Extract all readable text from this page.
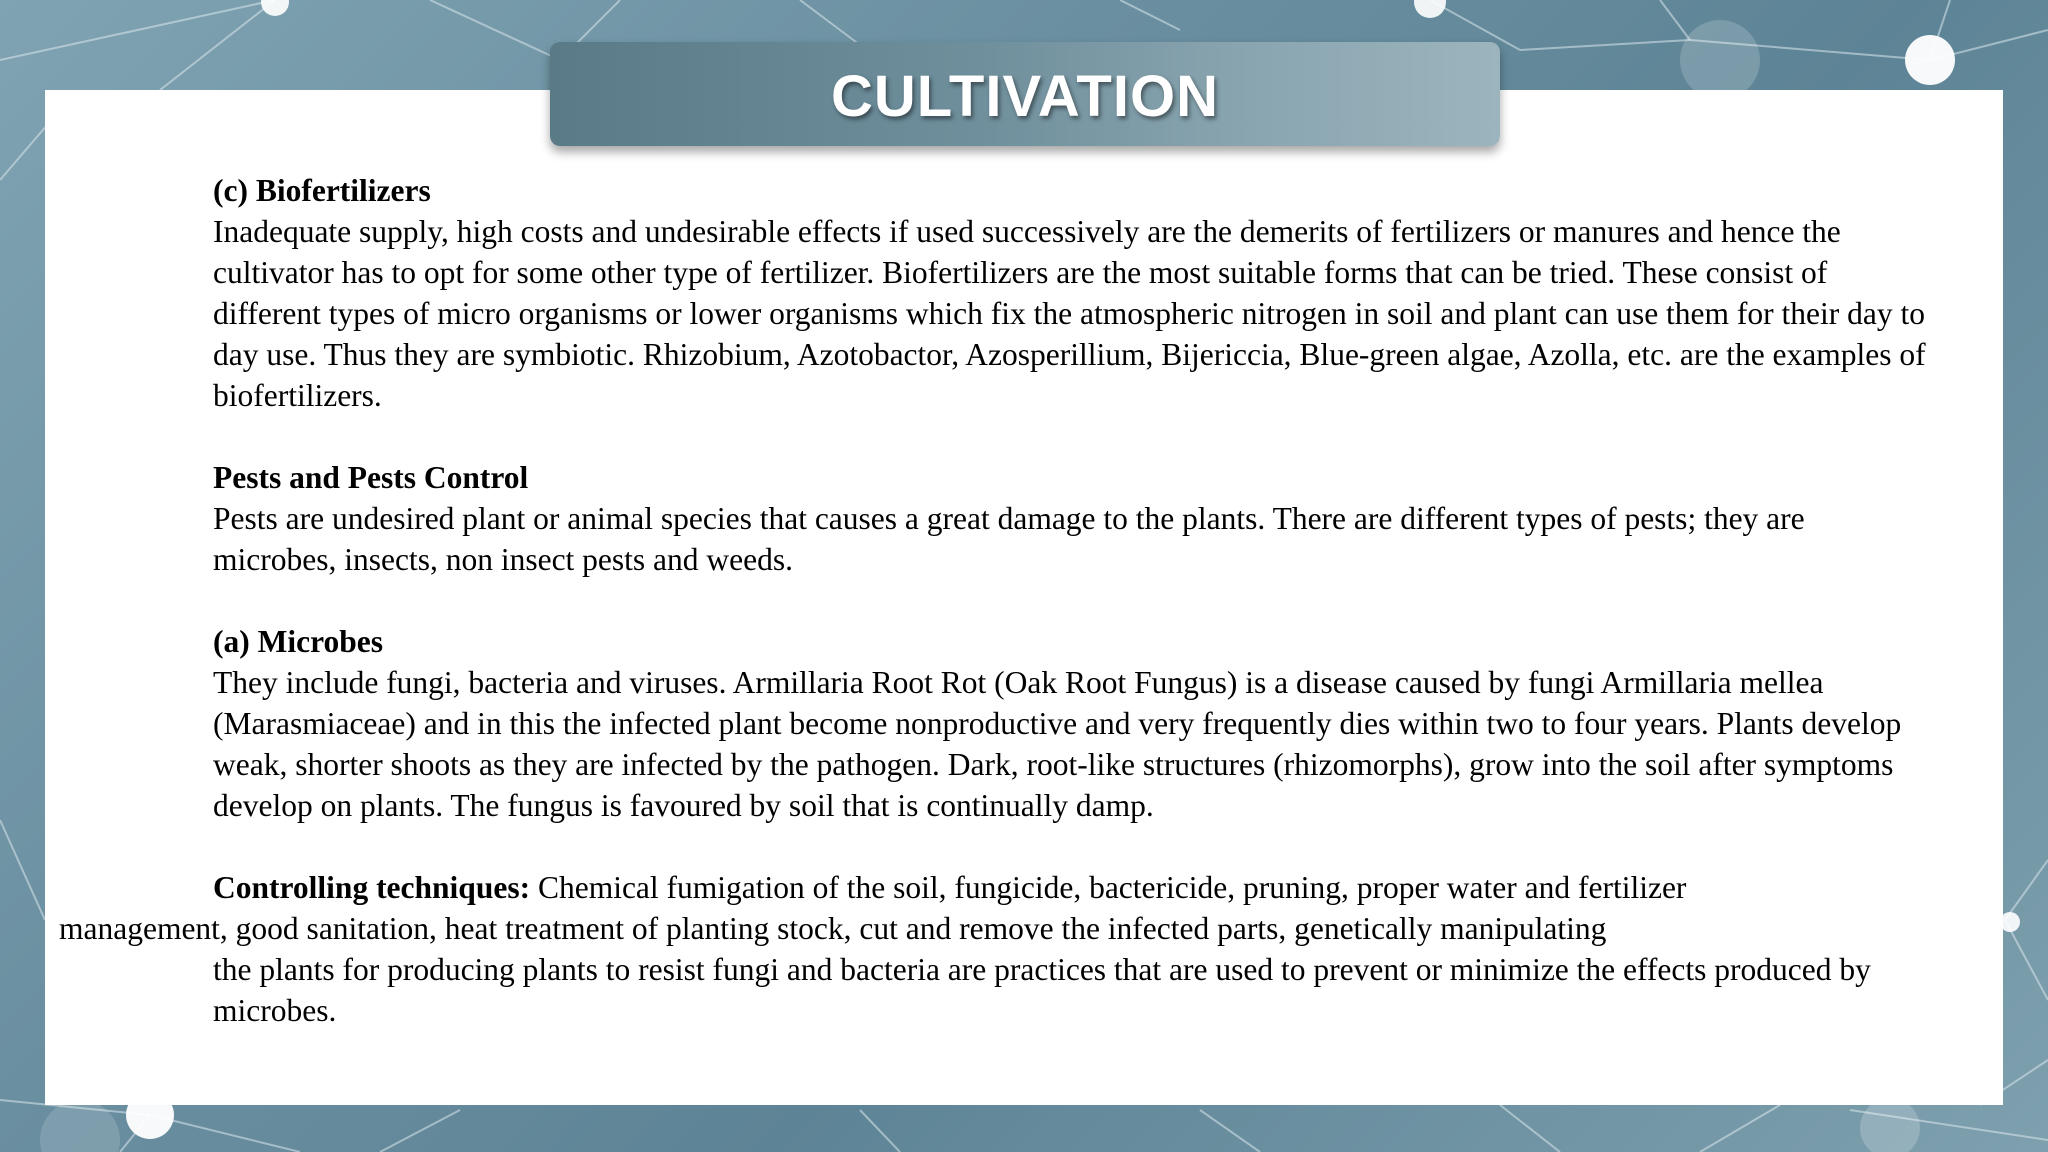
CULTIVATION
(c) Biofertilizers
Inadequate supply, high costs and undesirable effects if used successively are the demerits of fertilizers or manures and hence the cultivator has to opt for some other type of fertilizer. Biofertilizers are the most suitable forms that can be tried. These consist of different types of micro organisms or lower organisms which fix the atmospheric nitrogen in soil and plant can use them for their day to day use. Thus they are symbiotic. Rhizobium, Azotobactor, Azosperillium, Bijericcia, Blue-green algae, Azolla, etc. are the examples of biofertilizers.
Pests and Pests Control
Pests are undesired plant or animal species that causes a great damage to the plants. There are different types of pests; they are microbes, insects, non insect pests and weeds.
(a) Microbes
They include fungi, bacteria and viruses. Armillaria Root Rot (Oak Root Fungus) is a disease caused by fungi Armillaria mellea (Marasmiaceae) and in this the infected plant become nonproductive and very frequently dies within two to four years. Plants develop weak, shorter shoots as they are infected by the pathogen. Dark, root-like structures (rhizomorphs), grow into the soil after symptoms develop on plants. The fungus is favoured by soil that is continually damp.
Controlling techniques: Chemical fumigation of the soil, fungicide, bactericide, pruning, proper water and fertilizer
management, good sanitation, heat treatment of planting stock, cut and remove the infected parts, genetically manipulating
the plants for producing plants to resist fungi and bacteria are practices that are used to prevent or minimize the effects produced by microbes.
